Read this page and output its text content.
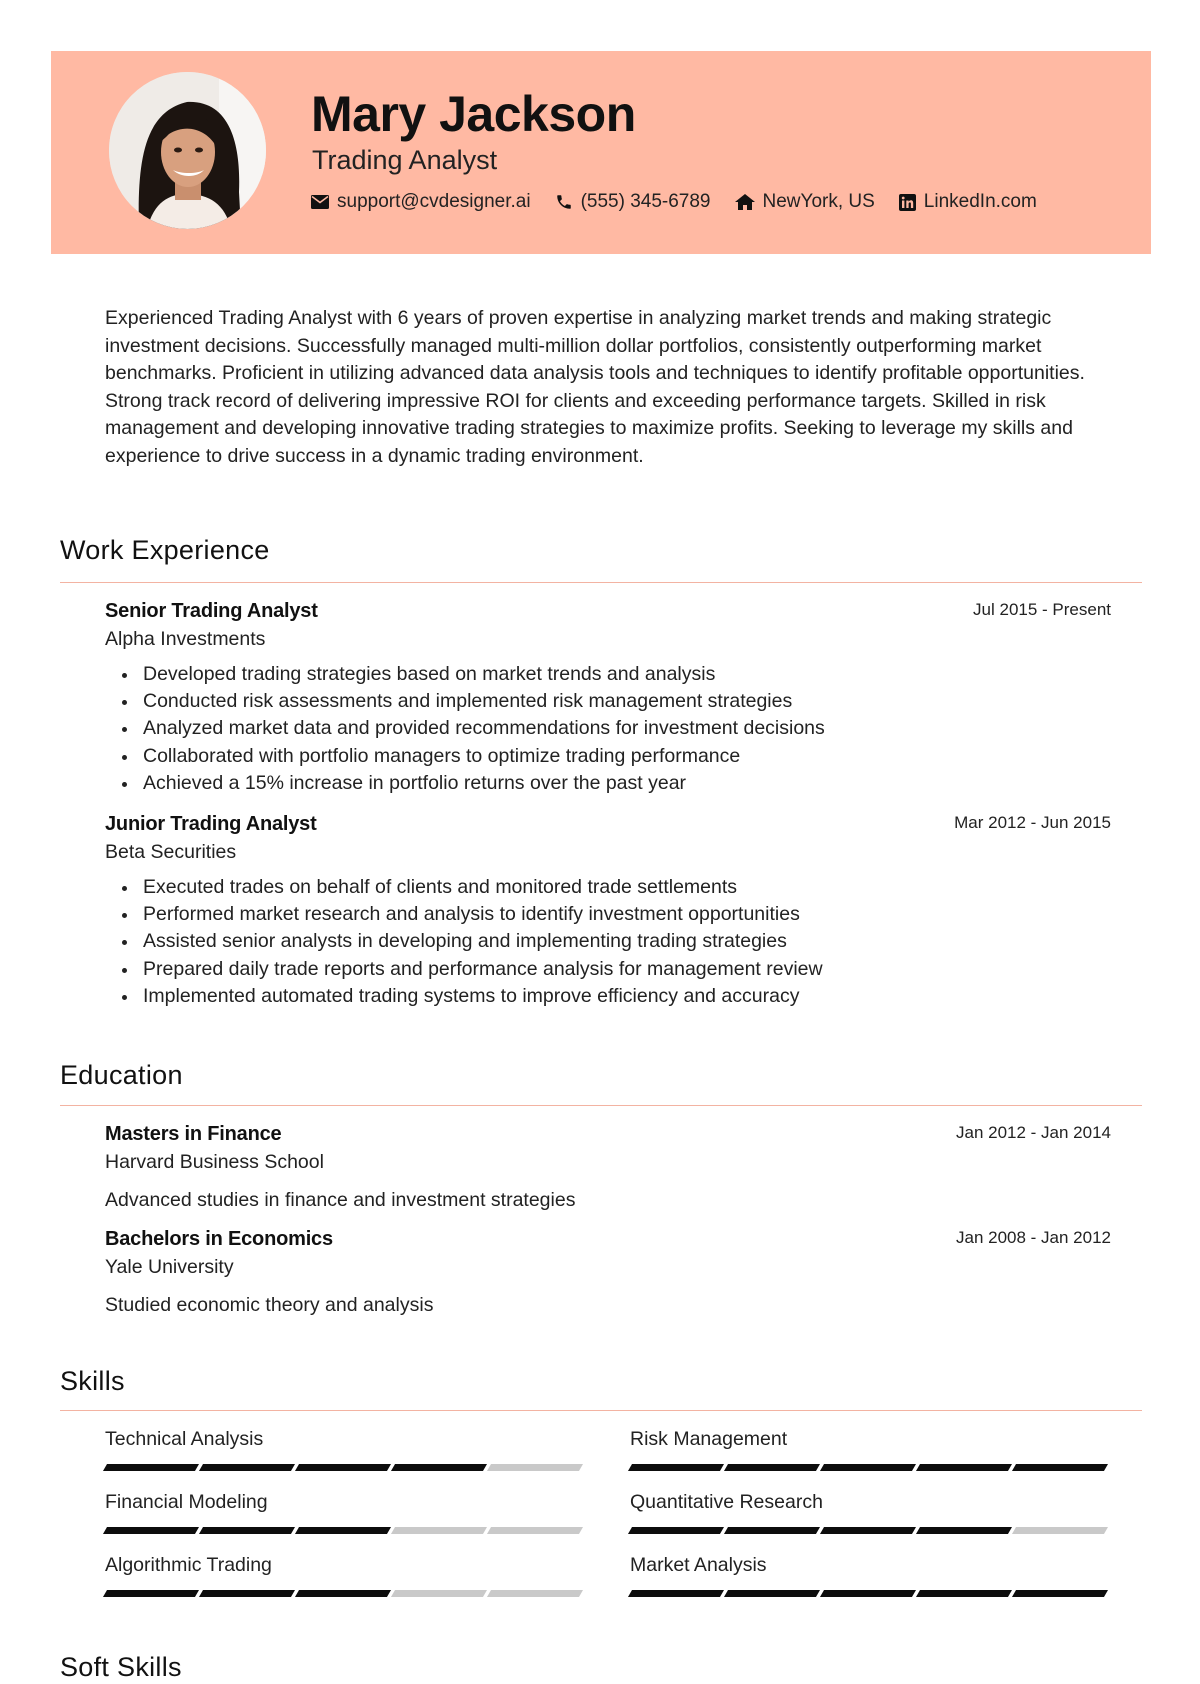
Mary Jackson
Trading Analyst
support@cvdesigner.ai	(555) 345-6789	NewYork, US	LinkedIn.com

Experienced Trading Analyst with 6 years of proven expertise in analyzing market trends and making strategic investment decisions. Successfully managed multi-million dollar portfolios, consistently outperforming market benchmarks. Proficient in utilizing advanced data analysis tools and techniques to identify profitable opportunities. Strong track record of delivering impressive ROI for clients and exceeding performance targets. Skilled in risk management and developing innovative trading strategies to maximize profits. Seeking to leverage my skills and experience to drive success in a dynamic trading environment.

Work Experience
Senior Trading Analyst
Alpha Investments
Jul 2015 - Present
Developed trading strategies based on market trends and analysis
Conducted risk assessments and implemented risk management strategies
Analyzed market data and provided recommendations for investment decisions
Collaborated with portfolio managers to optimize trading performance
Achieved a 15% increase in portfolio returns over the past year
Junior Trading Analyst
Beta Securities
Mar 2012 - Jun 2015
Executed trades on behalf of clients and monitored trade settlements
Performed market research and analysis to identify investment opportunities
Assisted senior analysts in developing and implementing trading strategies
Prepared daily trade reports and performance analysis for management review
Implemented automated trading systems to improve efficiency and accuracy
Education
Masters in Finance
Harvard Business School
Jan 2012 - Jan 2014
Advanced studies in finance and investment strategies
Bachelors in Economics
Yale University
Jan 2008 - Jan 2012
Studied economic theory and analysis
Skills
Technical Analysis	Risk Management
Financial Modeling	Quantitative Research
Algorithmic Trading	Market Analysis
Soft Skills
